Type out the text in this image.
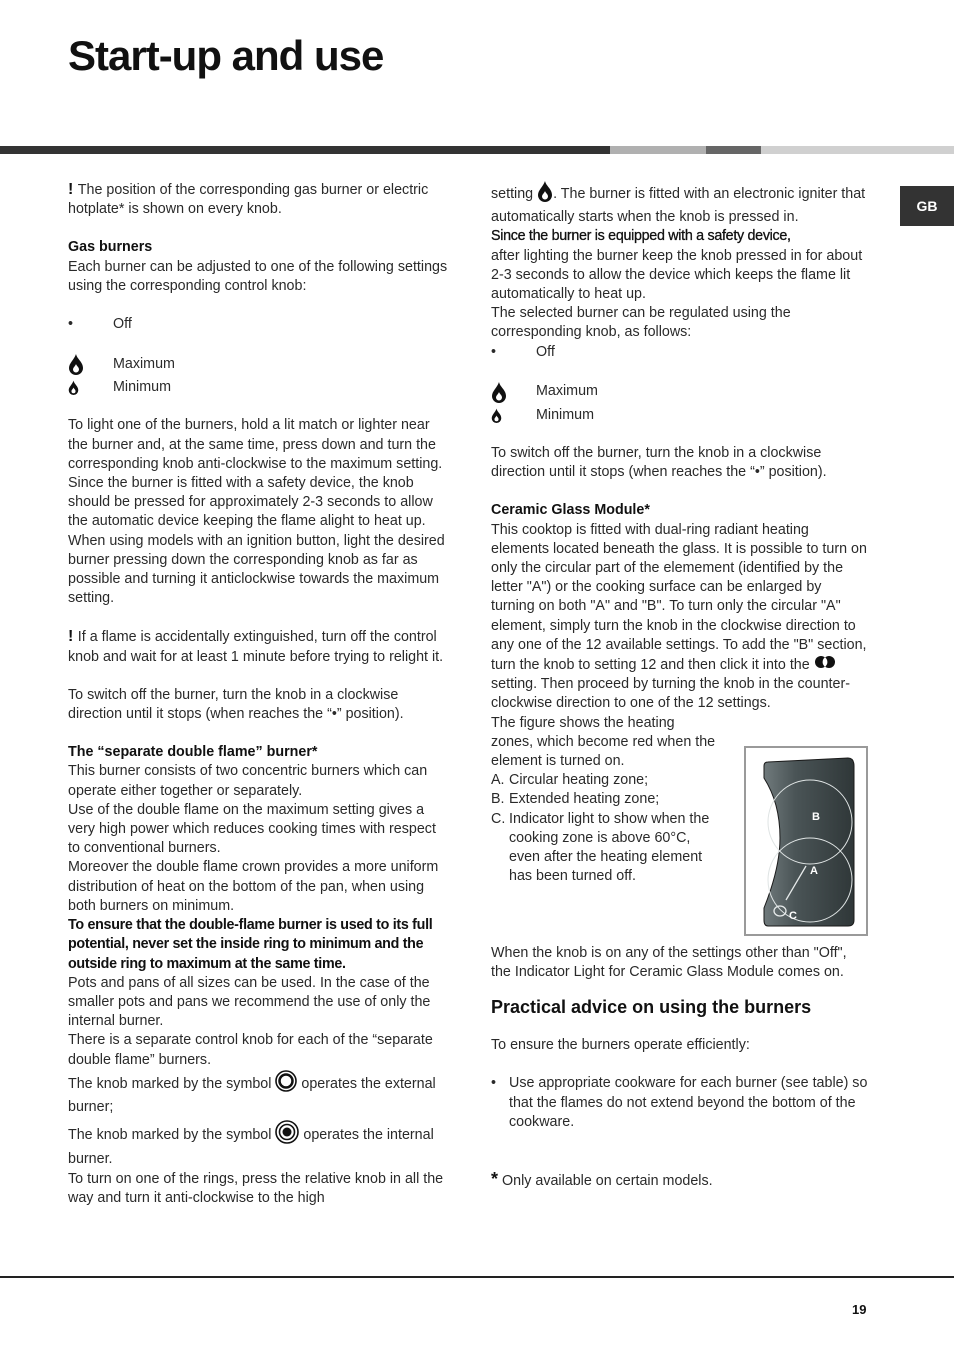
Start-up and use
GB

! The position of the corresponding gas burner or electric hotplate* is shown on every knob.

Gas burners

Each burner can be adjusted to one of the following settings using the corresponding control knob:

•	Off
Maximum
Minimum

To light one of the burners, hold a lit match or lighter near the burner and, at the same time, press down and turn the corresponding knob anti-clockwise to the maximum setting.

Since the burner is fitted with a safety device, the knob should be pressed for approximately 2-3 seconds to allow the automatic device keeping the flame alight to heat up.

When using models with an ignition button, light the desired burner pressing down the corresponding knob as far as possible and turning it anticlockwise towards the maximum setting.

! If a flame is accidentally extinguished, turn off the control knob and wait for at least 1 minute before trying to relight it.

To switch off the burner, turn the knob in a clockwise direction until it stops (when reaches the “•” position).

The “separate double flame” burner*

This burner consists of two concentric burners which can operate either together or separately.

Use of the double flame on the maximum setting gives a very high power which reduces cooking times with respect to conventional burners.

Moreover the double flame crown provides a more uniform distribution of heat on the bottom of the pan, when using both burners on minimum.

To ensure that the double-flame burner is used to its full potential, never set the inside ring to minimum and the outside ring to maximum at the same time.

Pots and pans of all sizes can be used. In the case of the smaller pots and pans we recommend the use of only the internal burner.

There is a separate control knob for each of the “separate double flame” burners.

The knob marked by the symbol operates the external burner;

The knob marked by the symbol operates the internal burner.

To turn on one of the rings, press the relative knob in all the way and turn it anti-clockwise to the high

setting . The burner is fitted with an electronic igniter that automatically starts when the knob is pressed in.

Since the burner is equipped with a safety device,

after lighting the burner keep the knob pressed in for about 2-3 seconds to allow the device which keeps the flame lit automatically to heat up.

The selected burner can be regulated using the corresponding knob, as follows:

•	Off
Maximum
Minimum

To switch off the burner, turn the knob in a clockwise direction until it stops (when reaches the “•” position).

Ceramic Glass Module*

This cooktop is fitted with dual-ring radiant heating elements located beneath the glass. It is possible to turn on only the circular part of the elemement (identified by the letter "A") or the cooking surface can be enlarged by turning on both "A" and "B". To turn only the circular "A" element, simply turn the knob in the clockwise direction to any one of the 12 available settings. To add the "B" section, turn the knob to setting 12 and then click it into the  setting. Then proceed by turning the knob in the counter-clockwise direction to one of the 12 settings.

The figure shows the heating zones, which become red when the element is turned on.

A. Circular heating zone;
B. Extended heating zone;
C. Indicator light to show when the cooking zone is above 60°C, even after the heating element has been turned off.

When the knob is on any of the settings other than "Off", the Indicator Light for Ceramic Glass Module comes on.

Practical advice on using the burners

To ensure the burners operate efficiently:

• Use appropriate cookware for each burner (see table) so that the flames do not extend beyond the bottom of the cookware.

* Only available on certain models.

B
A
C
19
